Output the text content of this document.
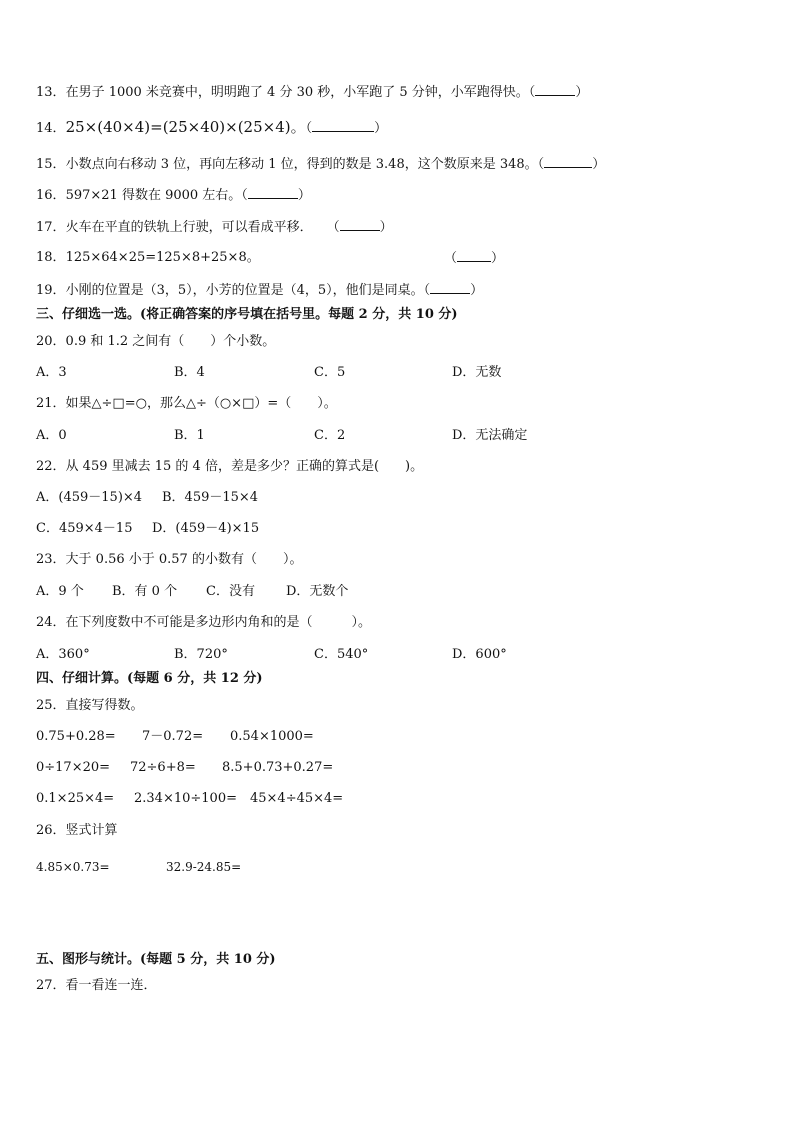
13．在男子 1000 米竞赛中，明明跑了 4 分 30 秒，小军跑了 5 分钟，小军跑得快。（	）
14．25×(40×4)=(25×40)×(25×4)。（	）
15．小数点向右移动 3 位，再向左移动 1 位，得到的数是 3.48，这个数原来是 348。（	）
16．597×21 得数在 9000 左右。（	）
17．火车在平直的铁轨上行驶，可以看成平移． （	）
18．125×64×25=125×8+25×8。	（	）
19．小刚的位置是（3，5），小芳的位置是（4，5），他们是同桌。（	）
三、仔细选一选。(将正确答案的序号填在括号里。每题 2 分，共 10 分)
20．0.9 和 1.2 之间有（　　）个小数。
A．3	B．4	C．5	D．无数
21．如果△÷□=○，那么△÷（○×□）=（　　）。
A．0	B．1	C．2	D．无法确定
22．从 459 里减去 15 的 4 倍，差是多少？正确的算式是(　　)。
A．(459－15)×4 B．459－15×4
C．459×4－15 D．(459－4)×15
23．大于 0.56 小于 0.57 的小数有（　　）。
A．9 个 B．有 0 个 C．没有 D．无数个
24．在下列度数中不可能是多边形内角和的是（　　　）。
A．360°	B．720°	C．540°	D．600°
四、仔细计算。(每题 6 分，共 12 分)
25．直接写得数。
0.75+0.28= 7－0.72= 0.54×1000=
0÷17×20= 72÷6+8= 8.5+0.73+0.27=
0.1×25×4= 2.34×10÷100= 45×4÷45×4=
26．竖式计算
4.85×0.73=	32.9-24.85=
五、图形与统计。(每题 5 分，共 10 分)
27．看一看连一连．
